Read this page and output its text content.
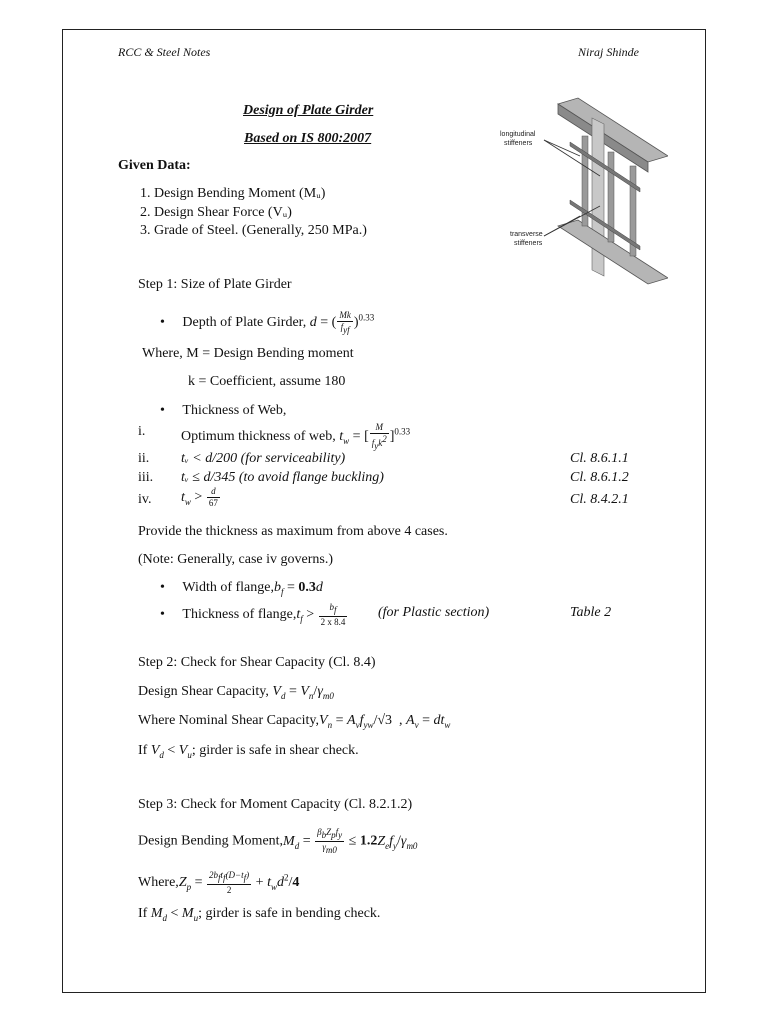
RCC & Steel Notes	Niraj Shinde
Design of Plate Girder
Based on IS 800:2007
Given Data:
1. Design Bending Moment (Mᵤ)
2. Design Shear Force (Vᵤ)
3. Grade of Steel. (Generally, 250 MPa.)
longitudinal
stiffeners
transverse
stiffeners
Step 1: Size of Plate Girder
• Depth of Plate Girder, d = ( $\frac{Mk}{f_{yf}} )^{0.33}$
Where, M = Design Bending moment
k = Coefficient, assume 180
• Thickness of Web,
i.	Optimum thickness of web, $t_w$ = [ $\frac{M}{f_yk^2} ]^{0.33}$
ii. tᵥ < d/200 (for serviceability)	Cl. 8.6.1.1
iii. tᵥ ≤ d/345 (to avoid flange buckling)	Cl. 8.6.1.2
iv. $t_w > \frac{d}{67}$	Cl. 8.4.2.1
Provide the thickness as maximum from above 4 cases.
(Note: Generally, case iv governs.)
• Width of $flange,b_f = 0.3d$
• Thickness of $flange,t_f > \frac{b_f}{2 x 8.4} (for$ Plastic section)	Table 2
Step 2: Check for Shear Capacity (Cl. 8.4)
Design Shear Capacity, $V_d = V_n/\gamma_{m0}$
Where Nominal Shear $Capacity,V_n = A_vf_{yw}/√3$  , $A_v = dt_w$
If $V_d < V_u$; girder is safe in shear check.
Step 3: Check for Moment Capacity (Cl. 8.2.1.2)
Design Bending $Moment,M_d = \frac{\beta_bZ_pf_y}{\gamma_{m0}} \le 1.2Z_ef_y/\gamma_{m0}$
$Where,Z_p = \frac{2b_ft_f(D-t_f)}{2} + t_wd^2/4$
If $M_d < M_u$; girder is safe in bending check.
